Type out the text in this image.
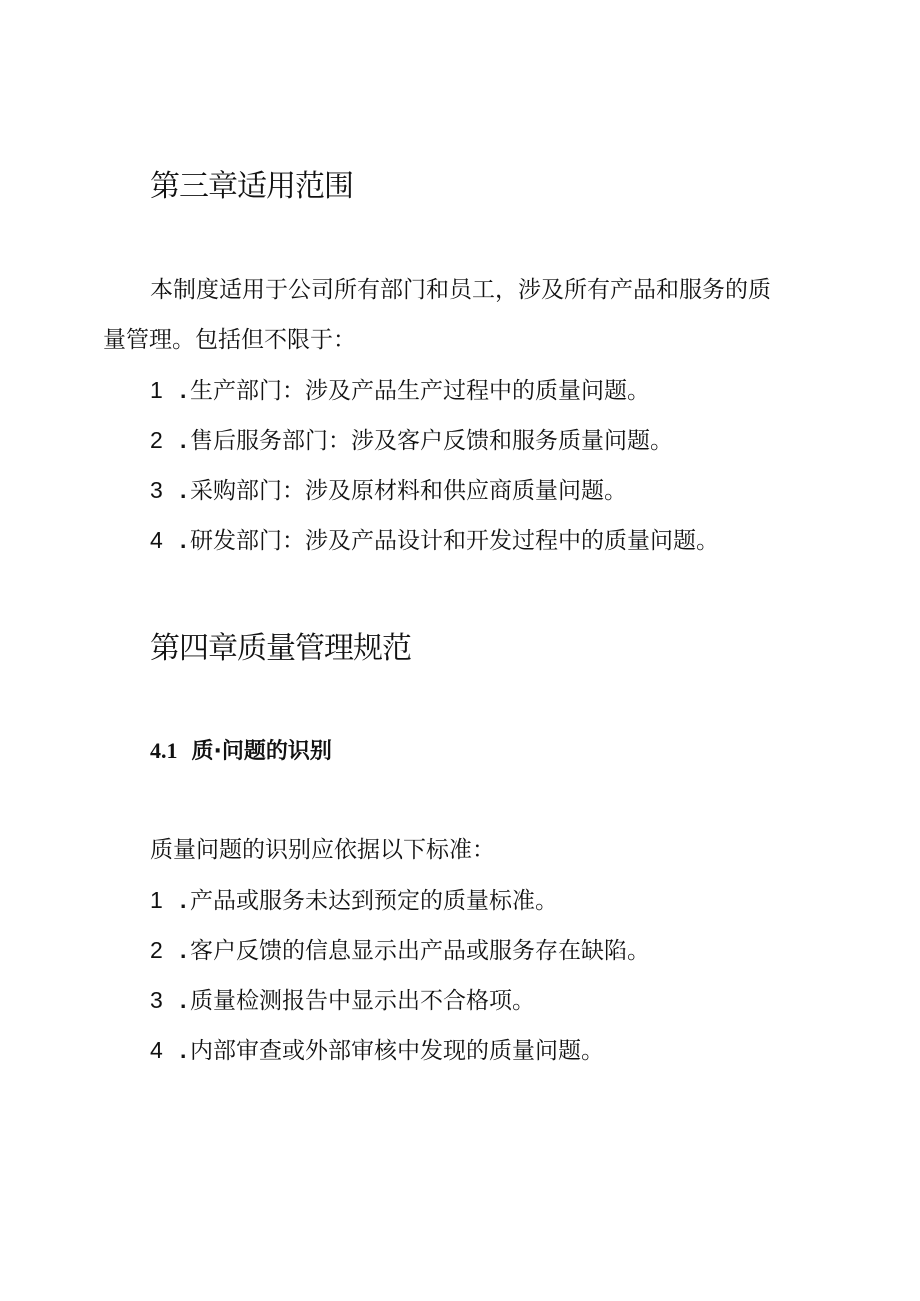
第三章适用范围

本制度适用于公司所有部门和员工，涉及所有产品和服务的质

量管理。包括但不限于：

1 . 生产部门：涉及产品生产过程中的质量问题。

2 . 售后服务部门：涉及客户反馈和服务质量问题。

3 . 采购部门：涉及原材料和供应商质量问题。

4 . 研发部门：涉及产品设计和开发过程中的质量问题。

第四章质量管理规范
4.1 质·问题的识别

质量问题的识别应依据以下标准：

1 . 产品或服务未达到预定的质量标准。

2 . 客户反馈的信息显示出产品或服务存在缺陷。

3 . 质量检测报告中显示出不合格项。

4 . 内部审查或外部审核中发现的质量问题。
